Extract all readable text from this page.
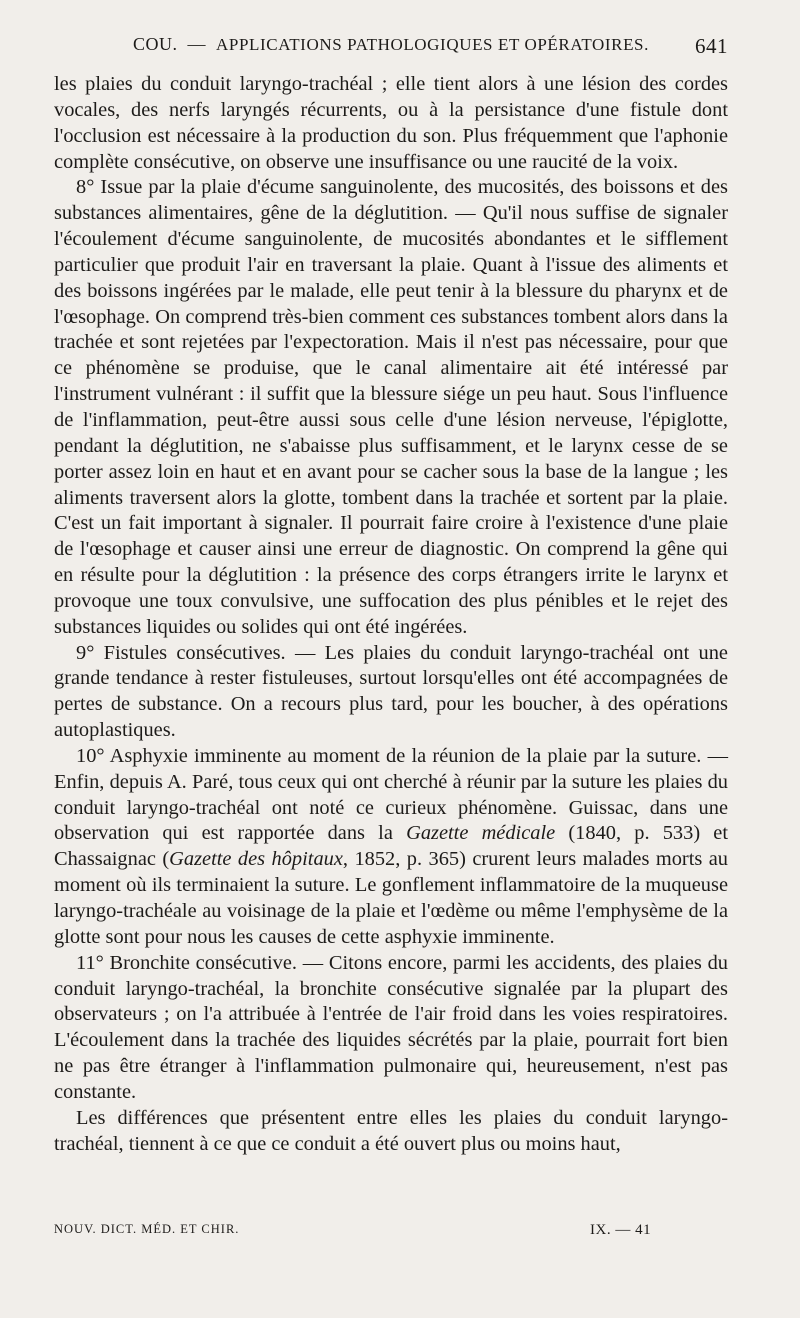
COU. — APPLICATIONS PATHOLOGIQUES ET OPÉRATOIRES. 641

les plaies du conduit laryngo-trachéal ; elle tient alors à une lésion des cordes vocales, des nerfs laryngés récurrents, ou à la persistance d'une fistule dont l'occlusion est nécessaire à la production du son. Plus fréquemment que l'aphonie complète consécutive, on observe une insuffisance ou une raucité de la voix.

8° Issue par la plaie d'écume sanguinolente, des mucosités, des boissons et des substances alimentaires, gêne de la déglutition. — Qu'il nous suffise de signaler l'écoulement d'écume sanguinolente, de mucosités abondantes et le sifflement particulier que produit l'air en traversant la plaie. Quant à l'issue des aliments et des boissons ingérées par le malade, elle peut tenir à la blessure du pharynx et de l'œsophage. On comprend très-bien comment ces substances tombent alors dans la trachée et sont rejetées par l'expectoration. Mais il n'est pas nécessaire, pour que ce phénomène se produise, que le canal alimentaire ait été intéressé par l'instrument vulnérant : il suffit que la blessure siége un peu haut. Sous l'influence de l'inflammation, peut-être aussi sous celle d'une lésion nerveuse, l'épiglotte, pendant la déglutition, ne s'abaisse plus suffisamment, et le larynx cesse de se porter assez loin en haut et en avant pour se cacher sous la base de la langue ; les aliments traversent alors la glotte, tombent dans la trachée et sortent par la plaie. C'est un fait important à signaler. Il pourrait faire croire à l'existence d'une plaie de l'œsophage et causer ainsi une erreur de diagnostic. On comprend la gêne qui en résulte pour la déglutition : la présence des corps étrangers irrite le larynx et provoque une toux convulsive, une suffocation des plus pénibles et le rejet des substances liquides ou solides qui ont été ingérées.

9° Fistules consécutives. — Les plaies du conduit laryngo-trachéal ont une grande tendance à rester fistuleuses, surtout lorsqu'elles ont été accompagnées de pertes de substance. On a recours plus tard, pour les boucher, à des opérations autoplastiques.

10° Asphyxie imminente au moment de la réunion de la plaie par la suture. — Enfin, depuis A. Paré, tous ceux qui ont cherché à réunir par la suture les plaies du conduit laryngo-trachéal ont noté ce curieux phénomène. Guissac, dans une observation qui est rapportée dans la Gazette médicale (1840, p. 533) et Chassaignac (Gazette des hôpitaux, 1852, p. 365) crurent leurs malades morts au moment où ils terminaient la suture. Le gonflement inflammatoire de la muqueuse laryngo-trachéale au voisinage de la plaie et l'œdème ou même l'emphysème de la glotte sont pour nous les causes de cette asphyxie imminente.

11° Bronchite consécutive. — Citons encore, parmi les accidents, des plaies du conduit laryngo-trachéal, la bronchite consécutive signalée par la plupart des observateurs ; on l'a attribuée à l'entrée de l'air froid dans les voies respiratoires. L'écoulement dans la trachée des liquides sécrétés par la plaie, pourrait fort bien ne pas être étranger à l'inflammation pulmonaire qui, heureusement, n'est pas constante.

Les différences que présentent entre elles les plaies du conduit laryngo-trachéal, tiennent à ce que ce conduit a été ouvert plus ou moins haut,

NOUV. DICT. MÉD. ET CHIR.	IX. — 41
